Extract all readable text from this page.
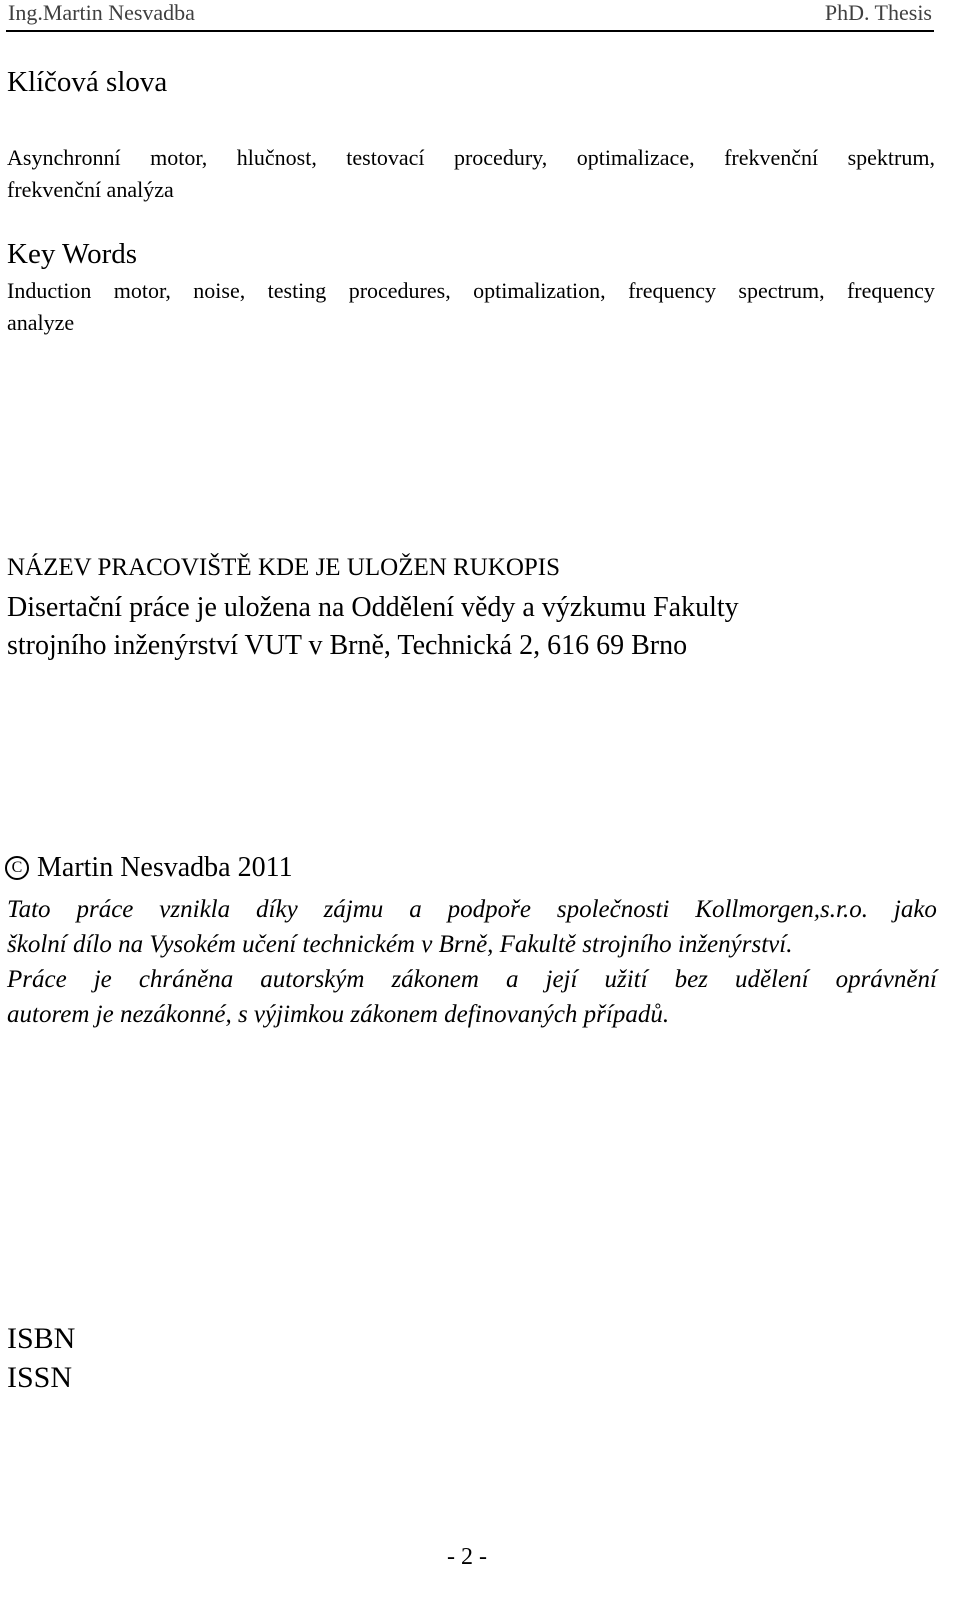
Ing.Martin Nesvadba	PhD. Thesis
Klíčová slova
Asynchronní motor, hlučnost, testovací procedury, optimalizace, frekvenční spektrum,
frekvenční analýza
Key Words
Induction motor, noise, testing procedures, optimalization, frequency spectrum, frequency
analyze
NÁZEV PRACOVIŠTĚ KDE JE ULOŽEN RUKOPIS
Disertační práce je uložena na Oddělení vědy a výzkumu Fakulty
strojního inženýrství VUT v Brně, Technická 2, 616 69 Brno
C Martin Nesvadba 2011
Tato práce vznikla díky zájmu a podpoře společnosti Kollmorgen,s.r.o. jako
školní dílo na Vysokém učení technickém v Brně, Fakultě strojního inženýrství.
Práce je chráněna autorským zákonem a její užití bez udělení oprávnění
autorem je nezákonné, s výjimkou zákonem definovaných případů.
ISBN
ISSN
- 2 -
